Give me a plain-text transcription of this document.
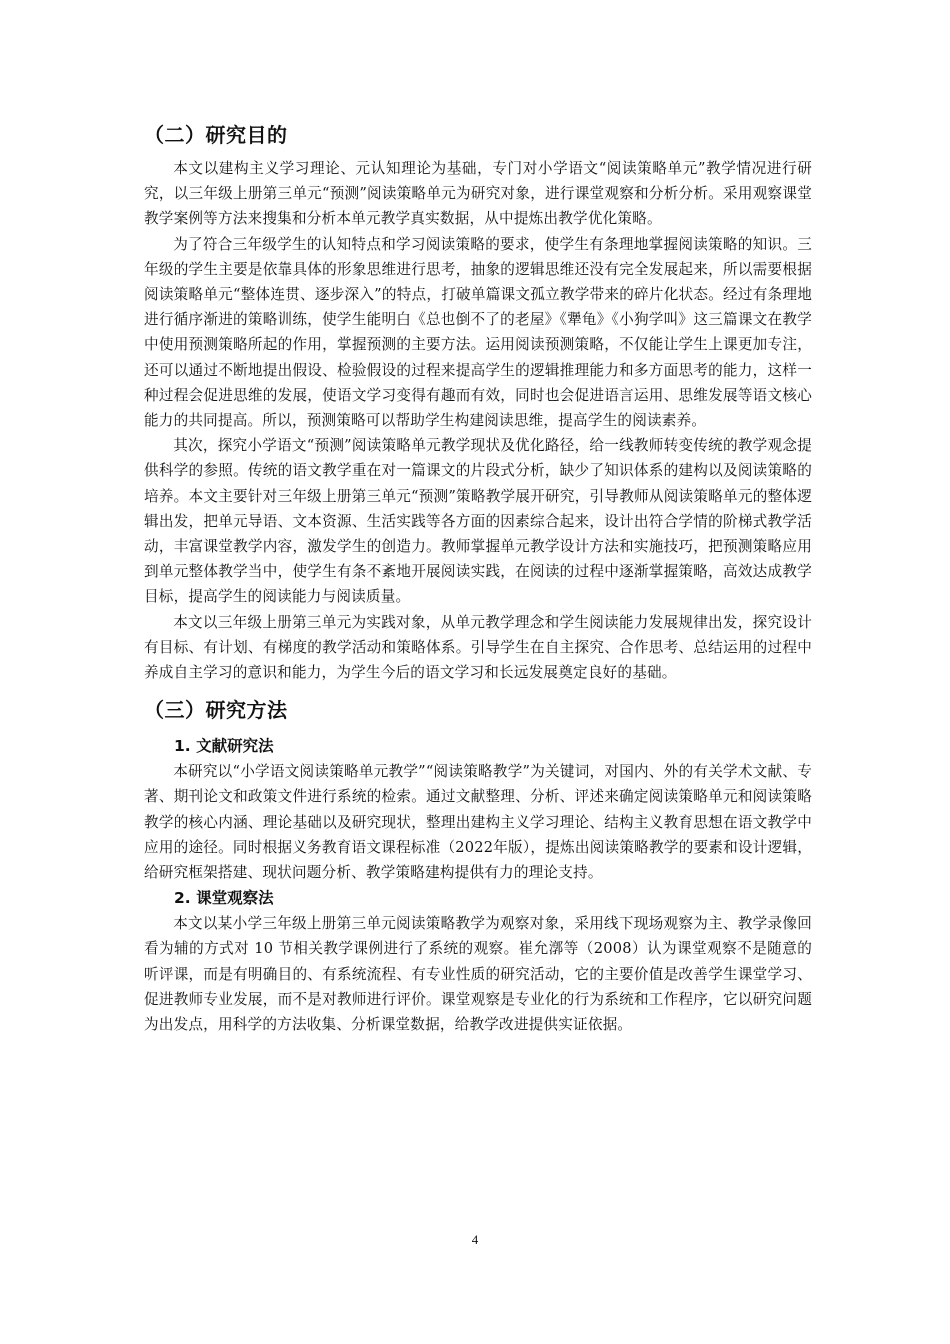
（二）研究目的

本文以建构主义学习理论、元认知理论为基础，专门对小学语文“阅读策略单元”教学情况进行研究，以三年级上册第三单元“预测”阅读策略单元为研究对象，进行课堂观察和分析分析。采用观察课堂教学案例等方法来搜集和分析本单元教学真实数据，从中提炼出教学优化策略。

为了符合三年级学生的认知特点和学习阅读策略的要求，使学生有条理地掌握阅读策略的知识。三年级的学生主要是依靠具体的形象思维进行思考，抽象的逻辑思维还没有完全发展起来，所以需要根据阅读策略单元“整体连贯、逐步深入”的特点，打破单篇课文孤立教学带来的碎片化状态。经过有条理地进行循序渐进的策略训练，使学生能明白《总也倒不了的老屋》《犟龟》《小狗学叫》这三篇课文在教学中使用预测策略所起的作用，掌握预测的主要方法。运用阅读预测策略，不仅能让学生上课更加专注，还可以通过不断地提出假设、检验假设的过程来提高学生的逻辑推理能力和多方面思考的能力，这样一种过程会促进思维的发展，使语文学习变得有趣而有效，同时也会促进语言运用、思维发展等语文核心能力的共同提高。所以，预测策略可以帮助学生构建阅读思维，提高学生的阅读素养。

其次，探究小学语文“预测”阅读策略单元教学现状及优化路径，给一线教师转变传统的教学观念提供科学的参照。传统的语文教学重在对一篇课文的片段式分析，缺少了知识体系的建构以及阅读策略的培养。本文主要针对三年级上册第三单元“预测”策略教学展开研究，引导教师从阅读策略单元的整体逻辑出发，把单元导语、文本资源、生活实践等各方面的因素综合起来，设计出符合学情的阶梯式教学活动，丰富课堂教学内容，激发学生的创造力。教师掌握单元教学设计方法和实施技巧，把预测策略应用到单元整体教学当中，使学生有条不紊地开展阅读实践，在阅读的过程中逐渐掌握策略，高效达成教学目标，提高学生的阅读能力与阅读质量。

本文以三年级上册第三单元为实践对象，从单元教学理念和学生阅读能力发展规律出发，探究设计有目标、有计划、有梯度的教学活动和策略体系。引导学生在自主探究、合作思考、总结运用的过程中养成自主学习的意识和能力，为学生今后的语文学习和长远发展奠定良好的基础。

（三）研究方法
1. 文献研究法

本研究以“小学语文阅读策略单元教学”“阅读策略教学”为关键词，对国内、外的有关学术文献、专著、期刊论文和政策文件进行系统的检索。通过文献整理、分析、评述来确定阅读策略单元和阅读策略教学的核心内涵、理论基础以及研究现状，整理出建构主义学习理论、结构主义教育思想在语文教学中应用的途径。同时根据义务教育语文课程标准（2022年版），提炼出阅读策略教学的要素和设计逻辑，给研究框架搭建、现状问题分析、教学策略建构提供有力的理论支持。

2. 课堂观察法

本文以某小学三年级上册第三单元阅读策略教学为观察对象，采用线下现场观察为主、教学录像回看为辅的方式对 10 节相关教学课例进行了系统的观察。崔允漷等（2008）认为课堂观察不是随意的听评课，而是有明确目的、有系统流程、有专业性质的研究活动，它的主要价值是改善学生课堂学习、促进教师专业发展，而不是对教师进行评价。课堂观察是专业化的行为系统和工作程序，它以研究问题为出发点，用科学的方法收集、分析课堂数据，给教学改进提供实证依据。

4
